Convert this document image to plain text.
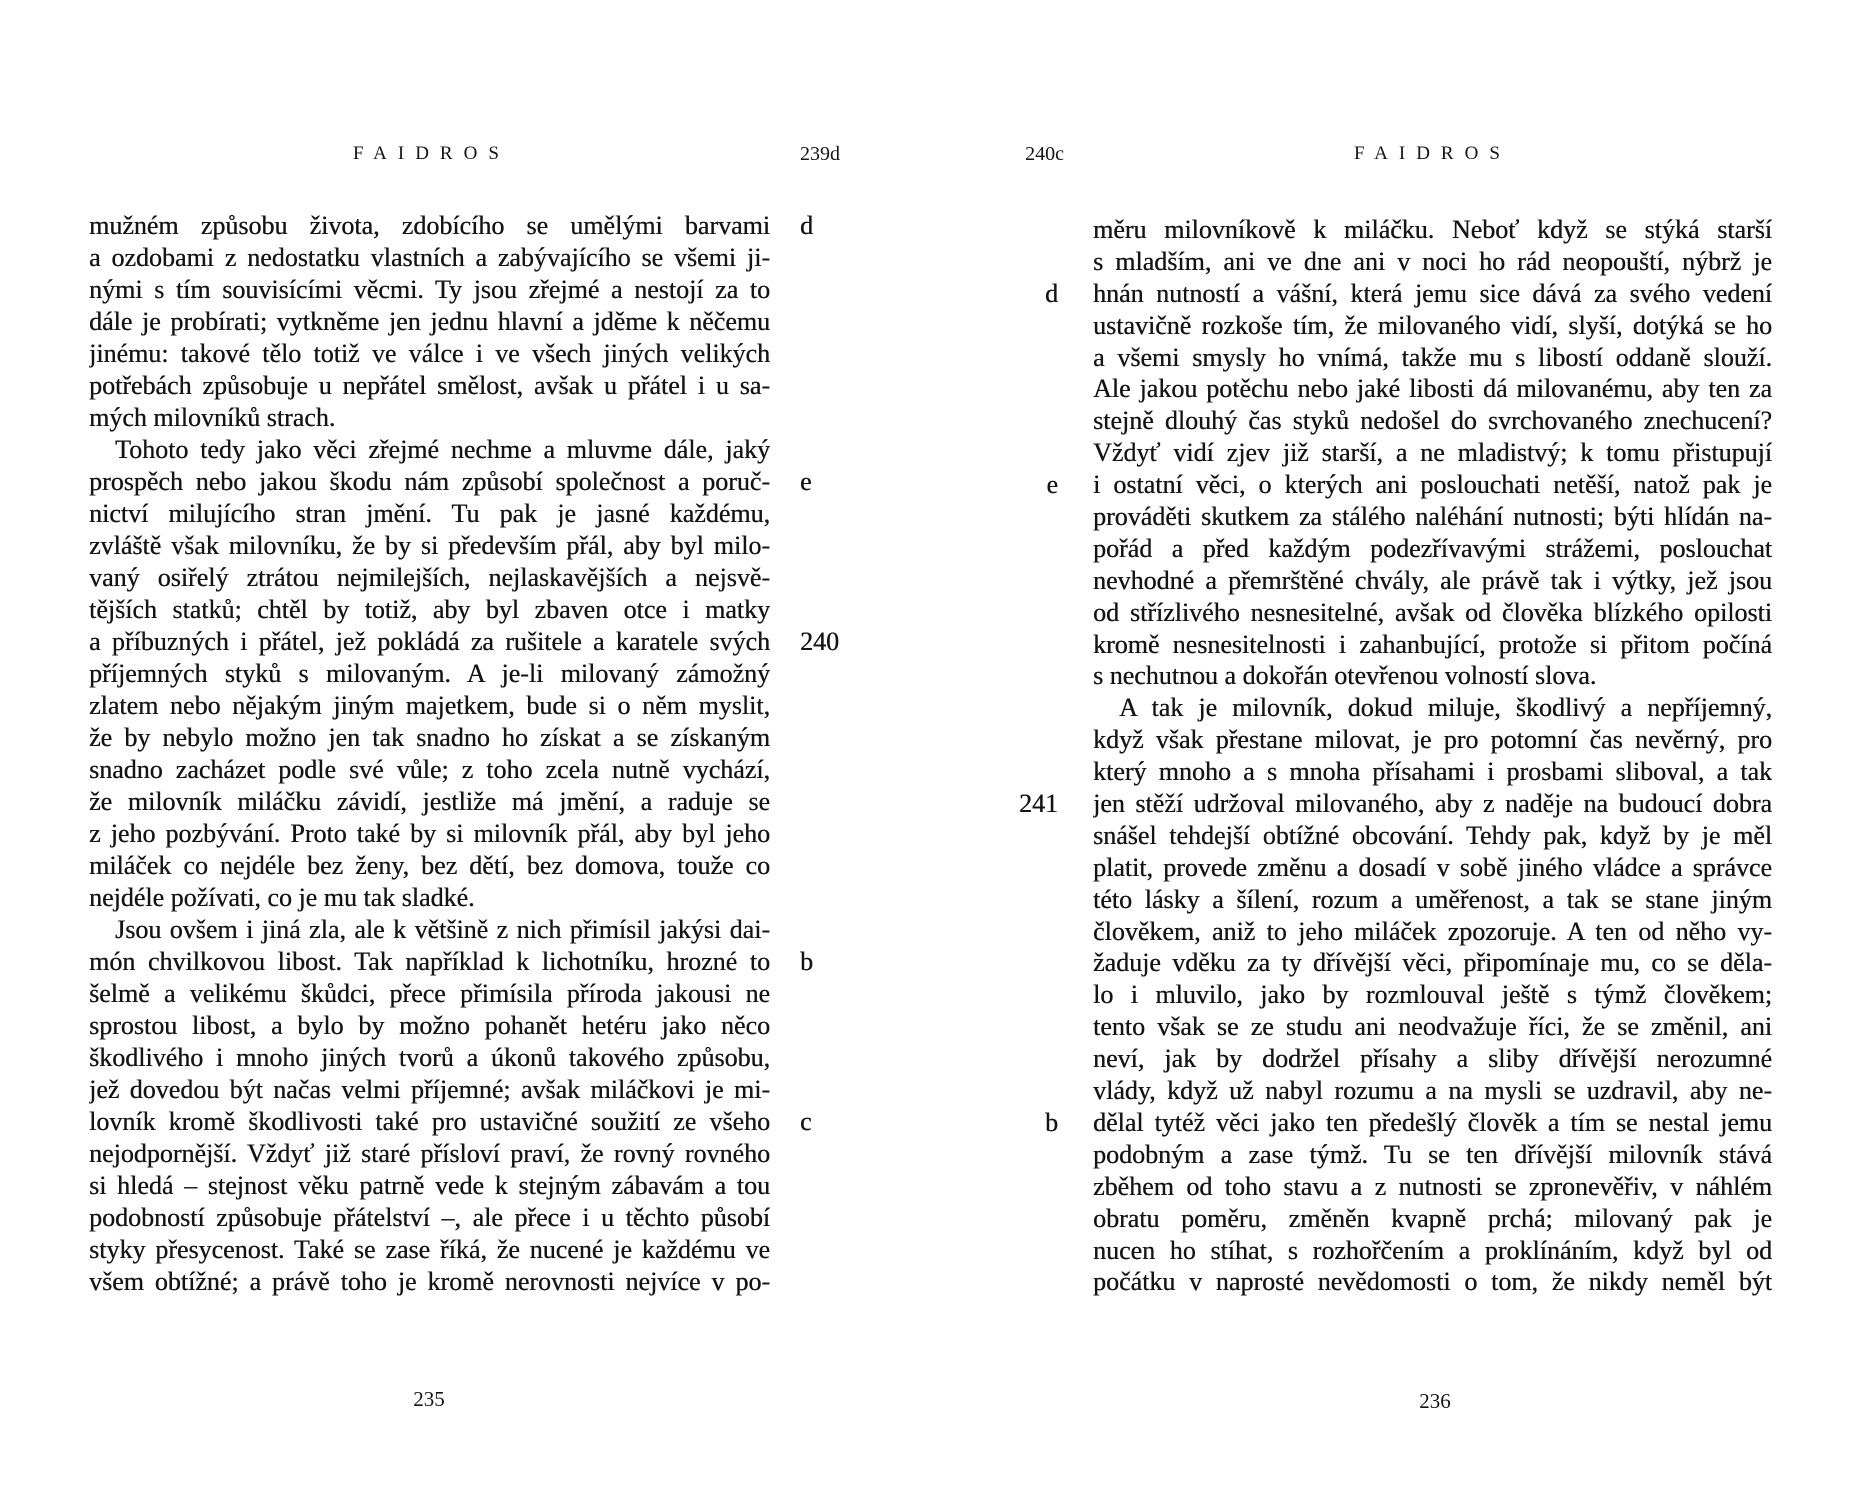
FAIDROS	239d
mužném způsobu života, zdobícího se umělými barvami d
a ozdobami z nedostatku vlastních a zabývajícího se všemi ji-
nými s tím souvisícími věcmi. Ty jsou zřejmé a nestojí za to
dále je probírati; vytkněme jen jednu hlavní a jděme k něčemu
jinému: takové tělo totiž ve válce i ve všech jiných velikých
potřebách způsobuje u nepřátel smělost, avšak u přátel i u sa-
mých milovníků strach.
Tohoto tedy jako věci zřejmé nechme a mluvme dále, jaký
prospěch nebo jakou škodu nám způsobí společnost a poruč- e
nictví milujícího stran jmění. Tu pak je jasné každému,
zvláště však milovníku, že by si především přál, aby byl milo-
vaný osiřelý ztrátou nejmilejších, nejlaskavějších a nejsvě-
tějších statků; chtěl by totiž, aby byl zbaven otce i matky
a příbuzných i přátel, jež pokládá za rušitele a karatele svých 240
příjemných styků s milovaným. A je-li milovaný zámožný
zlatem nebo nějakým jiným majetkem, bude si o něm myslit,
že by nebylo možno jen tak snadno ho získat a se získaným
snadno zacházet podle své vůle; z toho zcela nutně vychází,
že milovník miláčku závidí, jestliže má jmění, a raduje se
z jeho pozbývání. Proto také by si milovník přál, aby byl jeho
miláček co nejdéle bez ženy, bez dětí, bez domova, touže co
nejdéle požívati, co je mu tak sladké.
Jsou ovšem i jiná zla, ale k většině z nich přimísil jakýsi dai-
món chvilkovou libost. Tak například k lichotníku, hrozné to b
šelmě a velikému škůdci, přece přimísila příroda jakousi ne
sprostou libost, a bylo by možno pohanět hetéru jako něco
škodlivého i mnoho jiných tvorů a úkonů takového způsobu,
jež dovedou být načas velmi příjemné; avšak miláčkovi je mi-
lovník kromě škodlivosti také pro ustavičné soužití ze všeho c
nejodpornější. Vždyť již staré přísloví praví, že rovný rovného
si hledá – stejnost věku patrně vede k stejným zábavám a tou
podobností způsobuje přátelství –, ale přece i u těchto působí
styky přesycenost. Také se zase říká, že nucené je každému ve
všem obtížné; a právě toho je kromě nerovnosti nejvíce v po-
235
240c	FAIDROS
měru milovníkově k miláčku. Neboť když se stýká starší
s mladším, ani ve dne ani v noci ho rád neopouští, nýbrž je
hnán nutností a vášní, která jemu sice dává za svého vedení
d
ustavičně rozkoše tím, že milovaného vidí, slyší, dotýká se ho
a všemi smysly ho vnímá, takže mu s libostí oddaně slouží.
Ale jakou potěchu nebo jaké libosti dá milovanému, aby ten za
stejně dlouhý čas styků nedošel do svrchovaného znechucení?
Vždyť vidí zjev již starší, a ne mladistvý; k tomu přistupují
i ostatní věci, o kterých ani poslouchati netěší, natož pak je
e
prováděti skutkem za stálého naléhání nutnosti; býti hlídán na-
pořád a před každým podezřívavými strážemi, poslouchat
nevhodné a přemrštěné chvály, ale právě tak i výtky, jež jsou
od střízlivého nesnesitelné, avšak od člověka blízkého opilosti
kromě nesnesitelnosti i zahanbující, protože si přitom počíná
s nechutnou a dokořán otevřenou volností slova.
A tak je milovník, dokud miluje, škodlivý a nepříjemný,
když však přestane milovat, je pro potomní čas nevěrný, pro
který mnoho a s mnoha přísahami i prosbami sliboval, a tak
jen stěží udržoval milovaného, aby z naděje na budoucí dobra
241
snášel tehdejší obtížné obcování. Tehdy pak, když by je měl
platit, provede změnu a dosadí v sobě jiného vládce a správce
této lásky a šílení, rozum a uměřenost, a tak se stane jiným
člověkem, aniž to jeho miláček zpozoruje. A ten od něho vy-
žaduje vděku za ty dřívější věci, připomínaje mu, co se děla-
lo i mluvilo, jako by rozmlouval ještě s týmž člověkem;
tento však se ze studu ani neodvažuje říci, že se změnil, ani
neví, jak by dodržel přísahy a sliby dřívější nerozumné
vlády, když už nabyl rozumu a na mysli se uzdravil, aby ne-
dělal tytéž věci jako ten předešlý člověk a tím se nestal jemu
b
podobným a zase týmž. Tu se ten dřívější milovník stává
zběhem od toho stavu a z nutnosti se zpronevěřiv, v náhlém
obratu poměru, změněn kvapně prchá; milovaný pak je
nucen ho stíhat, s rozhořčením a proklínáním, když byl od
počátku v naprosté nevědomosti o tom, že nikdy neměl být
236
